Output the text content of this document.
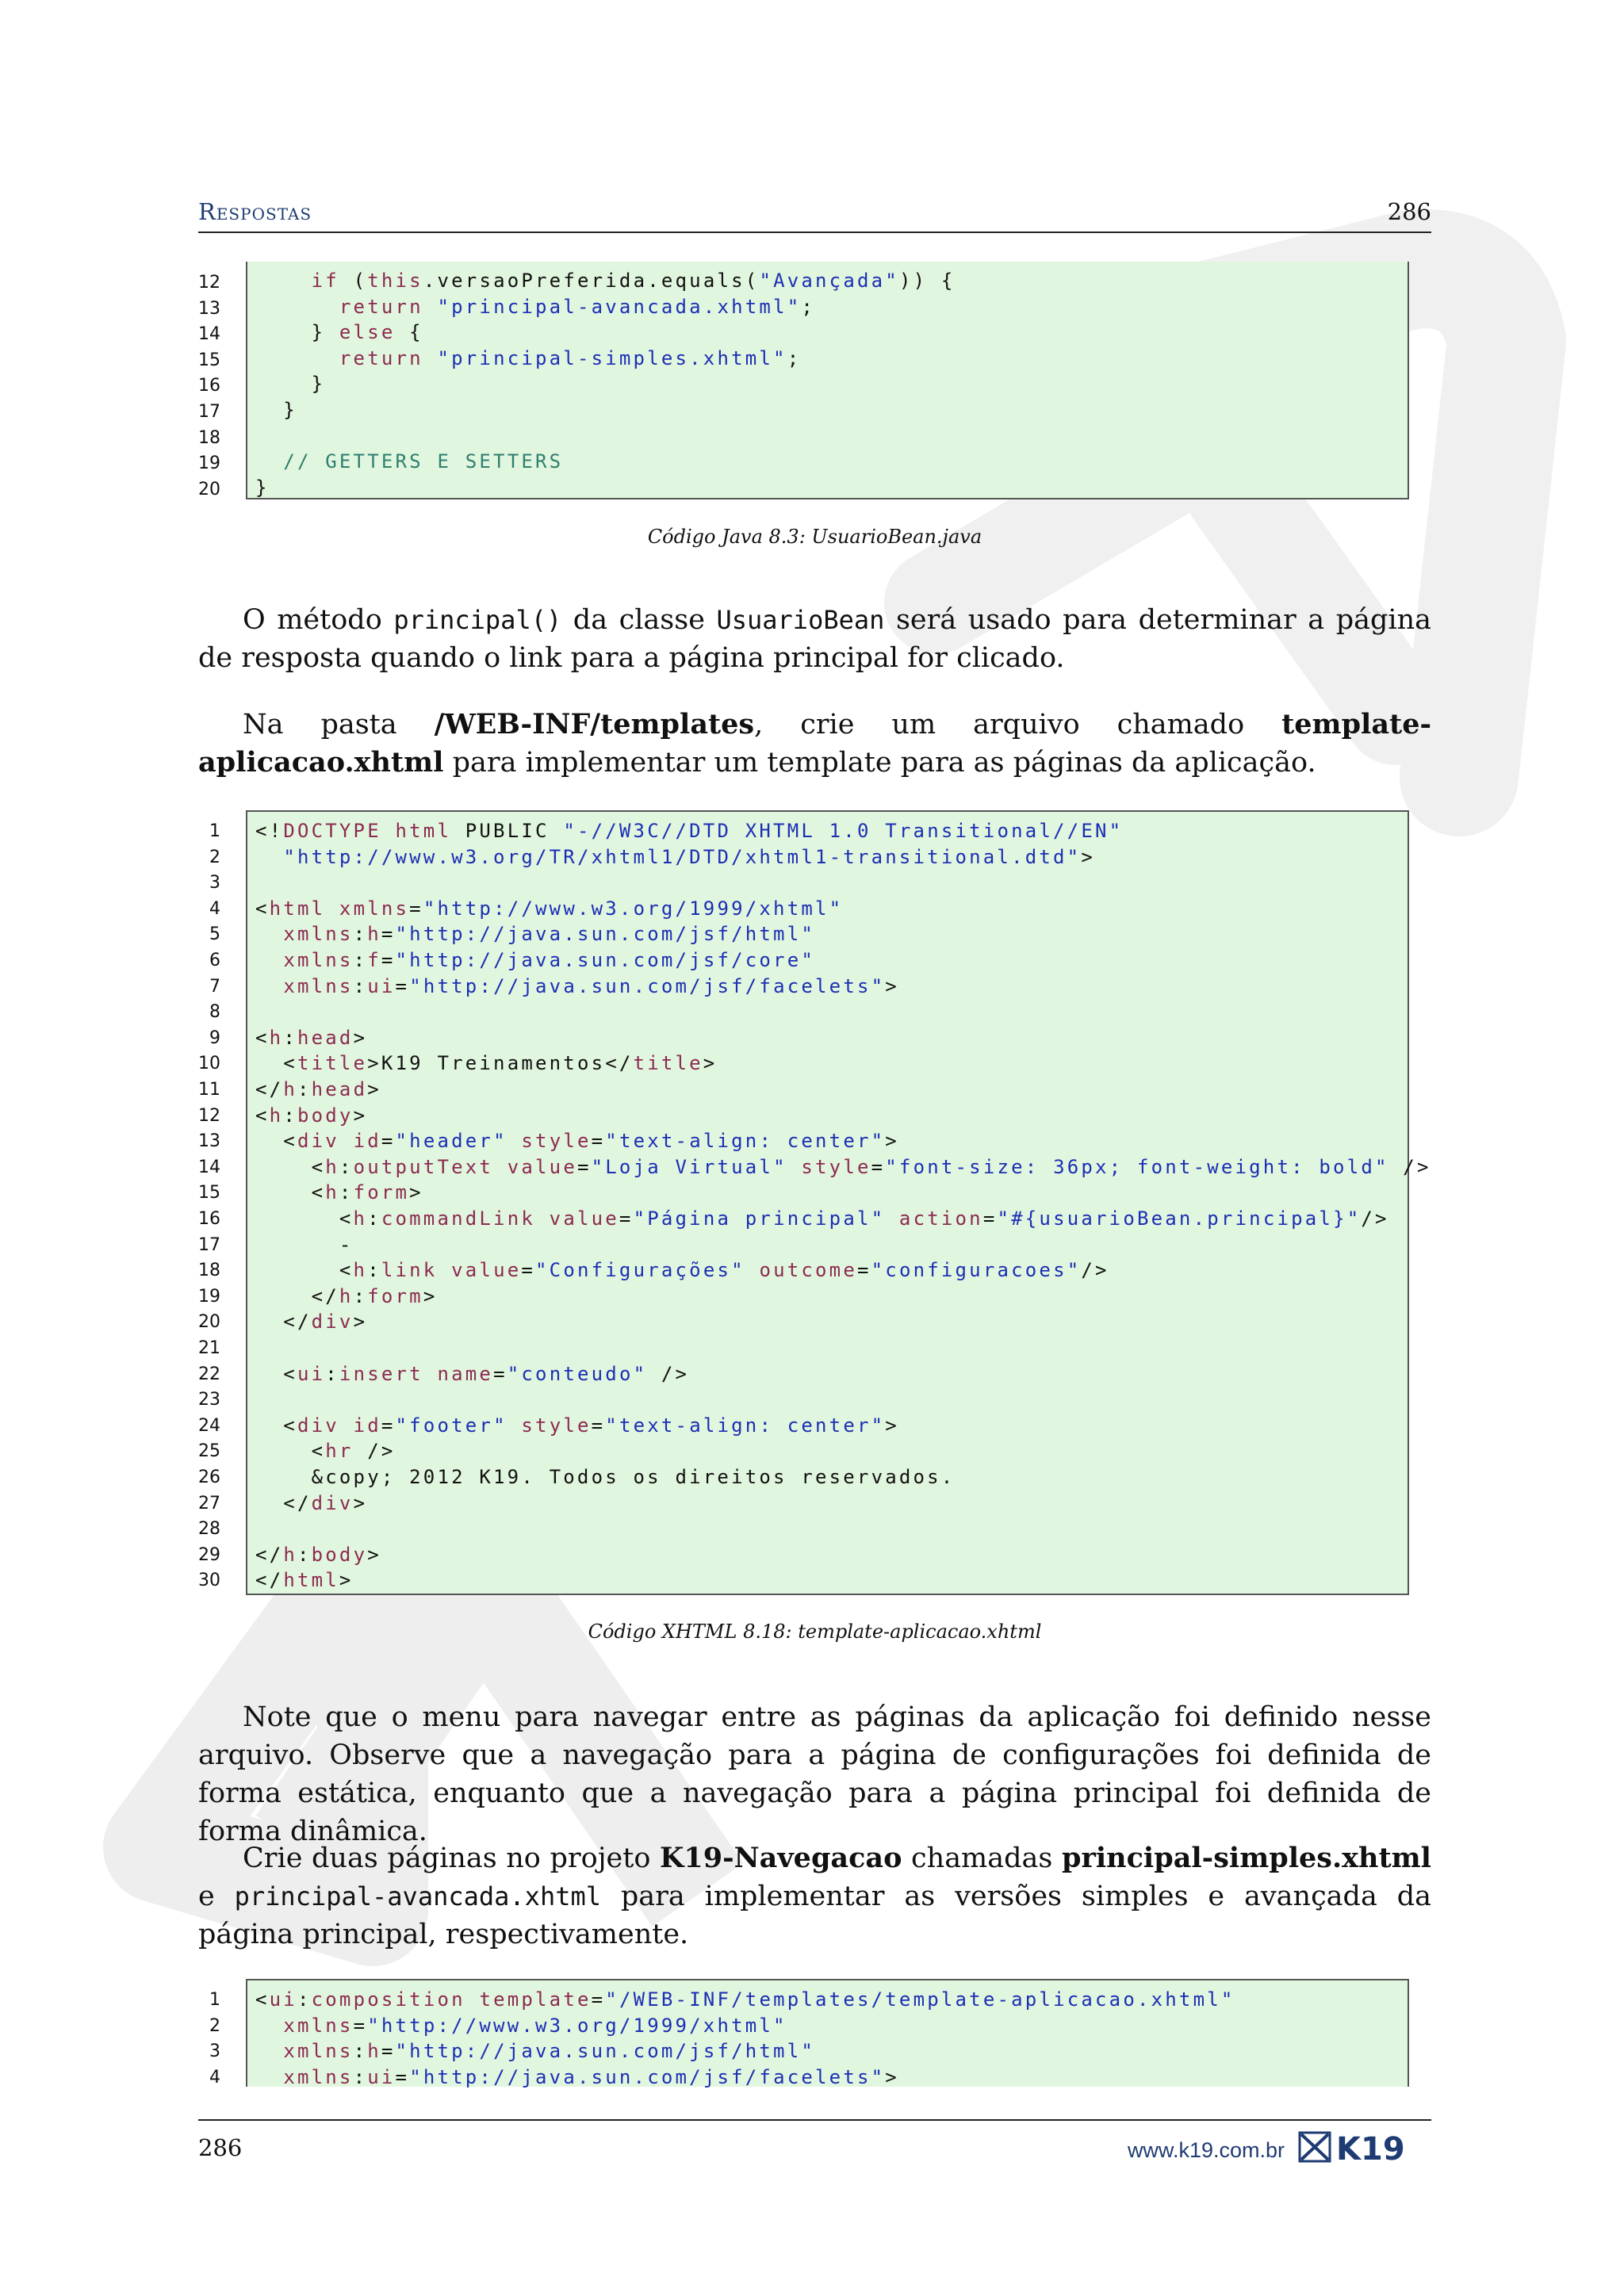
Respostas	286
12
13
14
15
16
17
18
19
20
if (this.versaoPreferida.equals("Avançada")) {
return "principal-avancada.xhtml";
} else {
return "principal-simples.xhtml";
}
}
// GETTERS E SETTERS
}
Código Java 8.3: UsuarioBean.java
O método principal() da classe UsuarioBean será usado para determinar a página de resposta quando o link para a página principal for clicado.
Na pasta /WEB-INF/templates, crie um arquivo chamado template-aplicacao.xhtml para implementar um template para as páginas da aplicação.
1
2
3
4
5
6
7
8
9
10
11
12
13
14
15
16
17
18
19
20
21
22
23
24
25
26
27
28
29
30
<!DOCTYPE html PUBLIC "-//W3C//DTD XHTML 1.0 Transitional//EN"
"http://www.w3.org/TR/xhtml1/DTD/xhtml1-transitional.dtd">
<html xmlns="http://www.w3.org/1999/xhtml"
xmlns:h="http://java.sun.com/jsf/html"
xmlns:f="http://java.sun.com/jsf/core"
xmlns:ui="http://java.sun.com/jsf/facelets">
<h:head>
<title>K19 Treinamentos</title>
</h:head>
<h:body>
<div id="header" style="text-align: center">
<h:outputText value="Loja Virtual" style="font-size: 36px; font-weight: bold" />
<h:form>
<h:commandLink value="Página principal" action="#{usuarioBean.principal}"/>
-
<h:link value="Configurações" outcome="configuracoes"/>
</h:form>
</div>
<ui:insert name="conteudo" />
<div id="footer" style="text-align: center">
<hr />
&copy; 2012 K19. Todos os direitos reservados.
</div>
</h:body>
</html>
Código XHTML 8.18: template-aplicacao.xhtml
Note que o menu para navegar entre as páginas da aplicação foi definido nesse arquivo. Observe que a navegação para a página de configurações foi definida de forma estática, enquanto que a navegação para a página principal foi definida de forma dinâmica.
Crie duas páginas no projeto K19-Navegacao chamadas principal-simples.xhtml e principal-avancada.xhtml para implementar as versões simples e avançada da página principal, respectivamente.
1
2
3
4
<ui:composition template="/WEB-INF/templates/template-aplicacao.xhtml"
xmlns="http://www.w3.org/1999/xhtml"
xmlns:h="http://java.sun.com/jsf/html"
xmlns:ui="http://java.sun.com/jsf/facelets">
286	www.k19.com.br K19
